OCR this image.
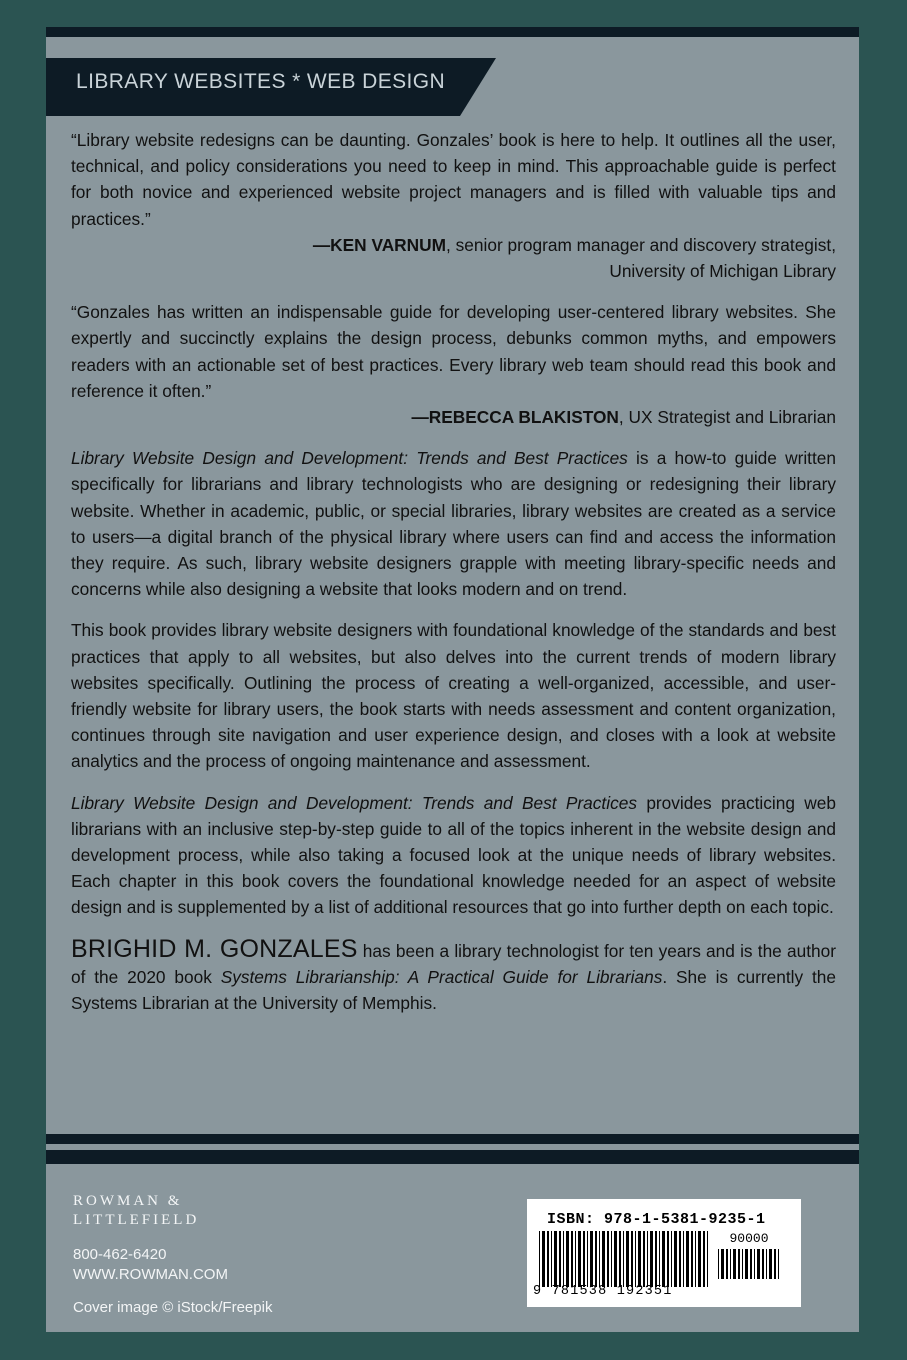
LIBRARY WEBSITES * WEB DESIGN

“Library website redesigns can be daunting. Gonzales’ book is here to help. It outlines all the user, technical, and policy considerations you need to keep in mind. This approachable guide is perfect for both novice and experienced website project managers and is filled with valuable tips and practices.”

—KEN VARNUM, senior program manager and discovery strategist,

University of Michigan Library

“Gonzales has written an indispensable guide for developing user-centered library websites. She expertly and succinctly explains the design process, debunks common myths, and empowers readers with an actionable set of best practices. Every library web team should read this book and reference it often.”

—REBECCA BLAKISTON, UX Strategist and Librarian

Library Website Design and Development: Trends and Best Practices is a how-to guide written specifically for librarians and library technologists who are designing or redesigning their library website. Whether in academic, public, or special libraries, library websites are created as a service to users—a digital branch of the physical library where users can find and access the information they require. As such, library website designers grapple with meeting library-specific needs and concerns while also designing a website that looks modern and on trend.

This book provides library website designers with foundational knowledge of the standards and best practices that apply to all websites, but also delves into the current trends of modern library websites specifically. Outlining the process of creating a well-organized, accessible, and user-friendly website for library users, the book starts with needs assessment and content organization, continues through site navigation and user experience design, and closes with a look at website analytics and the process of ongoing maintenance and assessment.

Library Website Design and Development: Trends and Best Practices provides practicing web librarians with an inclusive step-by-step guide to all of the topics inherent in the website design and development process, while also taking a focused look at the unique needs of library websites. Each chapter in this book covers the foundational knowledge needed for an aspect of website design and is supplemented by a list of additional resources that go into further depth on each topic.

BRIGHID M. GONZALES has been a library technologist for ten years and is the author of the 2020 book Systems Librarianship: A Practical Guide for Librarians. She is currently the Systems Librarian at the University of Memphis.

ROWMAN &
LITTLEFIELD
800-462-6420
WWW.ROWMAN.COM
Cover image © iStock/Freepik
ISBN: 978-1-5381-9235-1
90000
9 781538 192351
